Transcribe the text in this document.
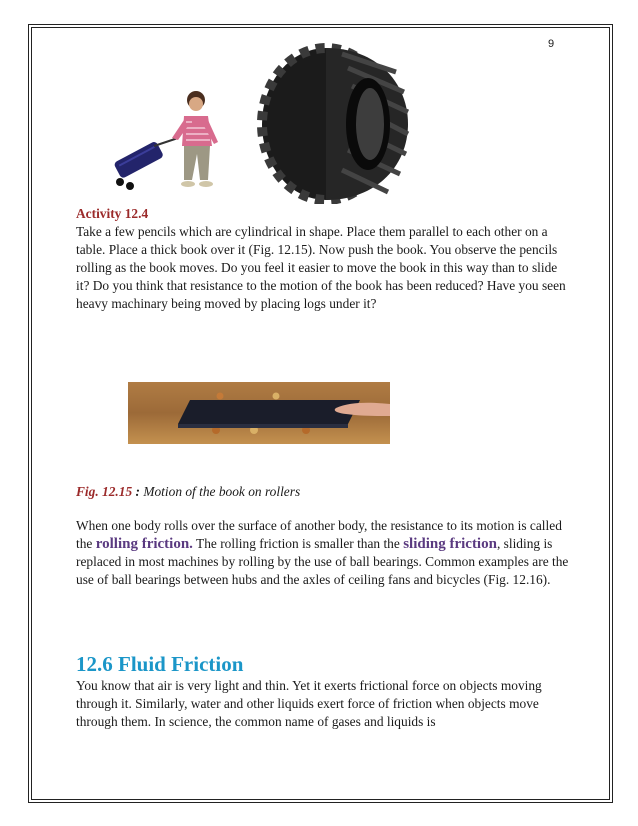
9
Activity 12.4
Take a few pencils which are cylindrical in shape. Place them parallel to each other on a table. Place a thick book over it (Fig. 12.15). Now push the book. You observe the pencils rolling as the book moves. Do you feel it easier to move the book in this way than to slide it? Do you think that resistance to the motion of the book has been reduced? Have you seen heavy machinary being moved by placing logs under it?
Fig. 12.15 : Motion of the book on rollers
When one body rolls over the surface of another body, the resistance to its motion is called the rolling friction. The rolling friction is smaller than the sliding friction, sliding is replaced in most machines by rolling by the use of ball bearings. Common examples are the use of ball bearings between hubs and the axles of ceiling fans and bicycles (Fig. 12.16).
12.6 Fluid Friction
You know that air is very light and thin. Yet it exerts frictional force on objects moving through it. Similarly, water and other liquids exert force of friction when objects move through them. In science, the common name of gases and liquids is
